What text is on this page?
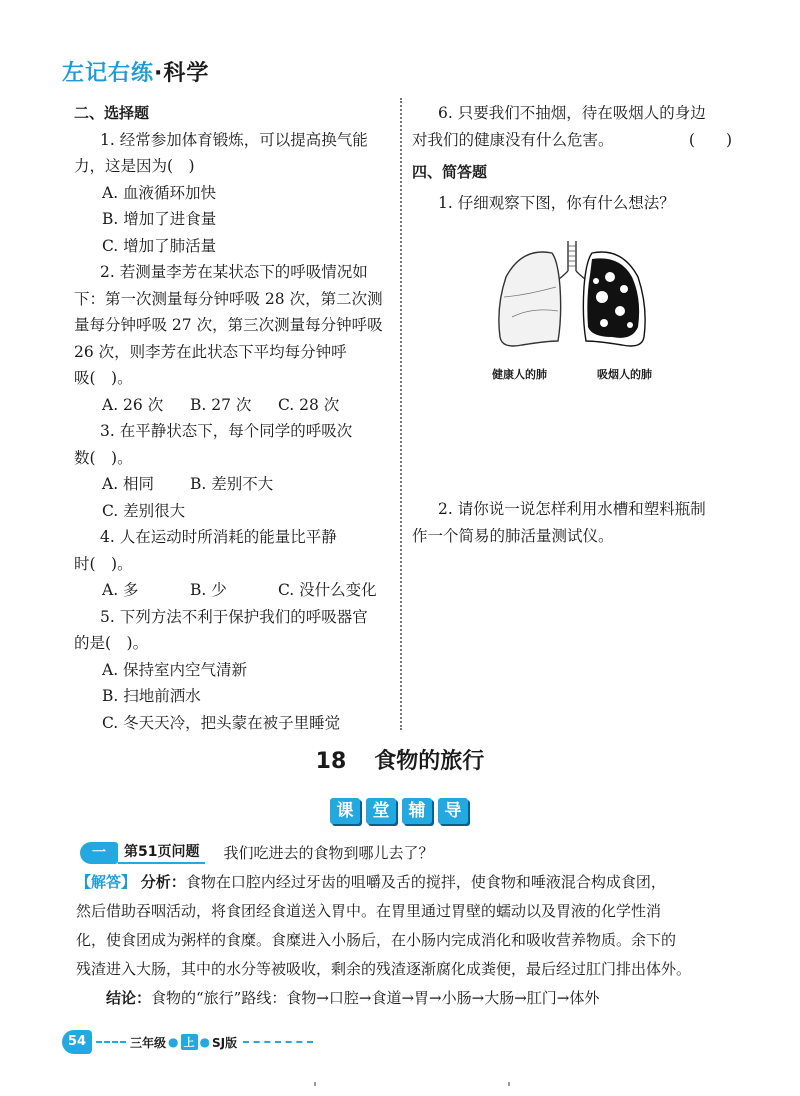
左记右练·科学
二、选择题
1. 经常参加体育锻炼，可以提高换气能
力，这是因为(　)
A. 血液循环加快
B. 增加了进食量
C. 增加了肺活量
2. 若测量李芳在某状态下的呼吸情况如
下：第一次测量每分钟呼吸 28 次，第二次测
量每分钟呼吸 27 次，第三次测量每分钟呼吸
26 次，则李芳在此状态下平均每分钟呼
吸(　)。
A. 26 次	B. 27 次	C. 28 次
3. 在平静状态下，每个同学的呼吸次
数(　)。
A. 相同	B. 差别不大
C. 差别很大
4. 人在运动时所消耗的能量比平静
时(　)。
A. 多	B. 少	C. 没什么变化
5. 下列方法不利于保护我们的呼吸器官
的是(　)。
A. 保持室内空气清新
B. 扫地前洒水
C. 冬天天冷，把头蒙在被子里睡觉
6. 只要我们不抽烟，待在吸烟人的身边
对我们的健康没有什么危害。	(　　)
四、简答题
1. 仔细观察下图，你有什么想法？
健康人的肺	吸烟人的肺
2. 请你说一说怎样利用水槽和塑料瓶制
作一个简易的肺活量测试仪。
18 食物的旅行
课	堂	辅	导
一	第51页问题	我们吃进去的食物到哪儿去了？
【解答】 分析：食物在口腔内经过牙齿的咀嚼及舌的搅拌，使食物和唾液混合构成食团，
然后借助吞咽活动，将食团经食道送入胃中。在胃里通过胃壁的蠕动以及胃液的化学性消
化，使食团成为粥样的食糜。食糜进入小肠后，在小肠内完成消化和吸收营养物质。余下的
残渣进入大肠，其中的水分等被吸收，剩余的残渣逐渐腐化成粪便，最后经过肛门排出体外。
结论：食物的“旅行”路线：食物→口腔→食道→胃→小肠→大肠→肛门→体外
54	三年级 ● 上 ● SJ版
